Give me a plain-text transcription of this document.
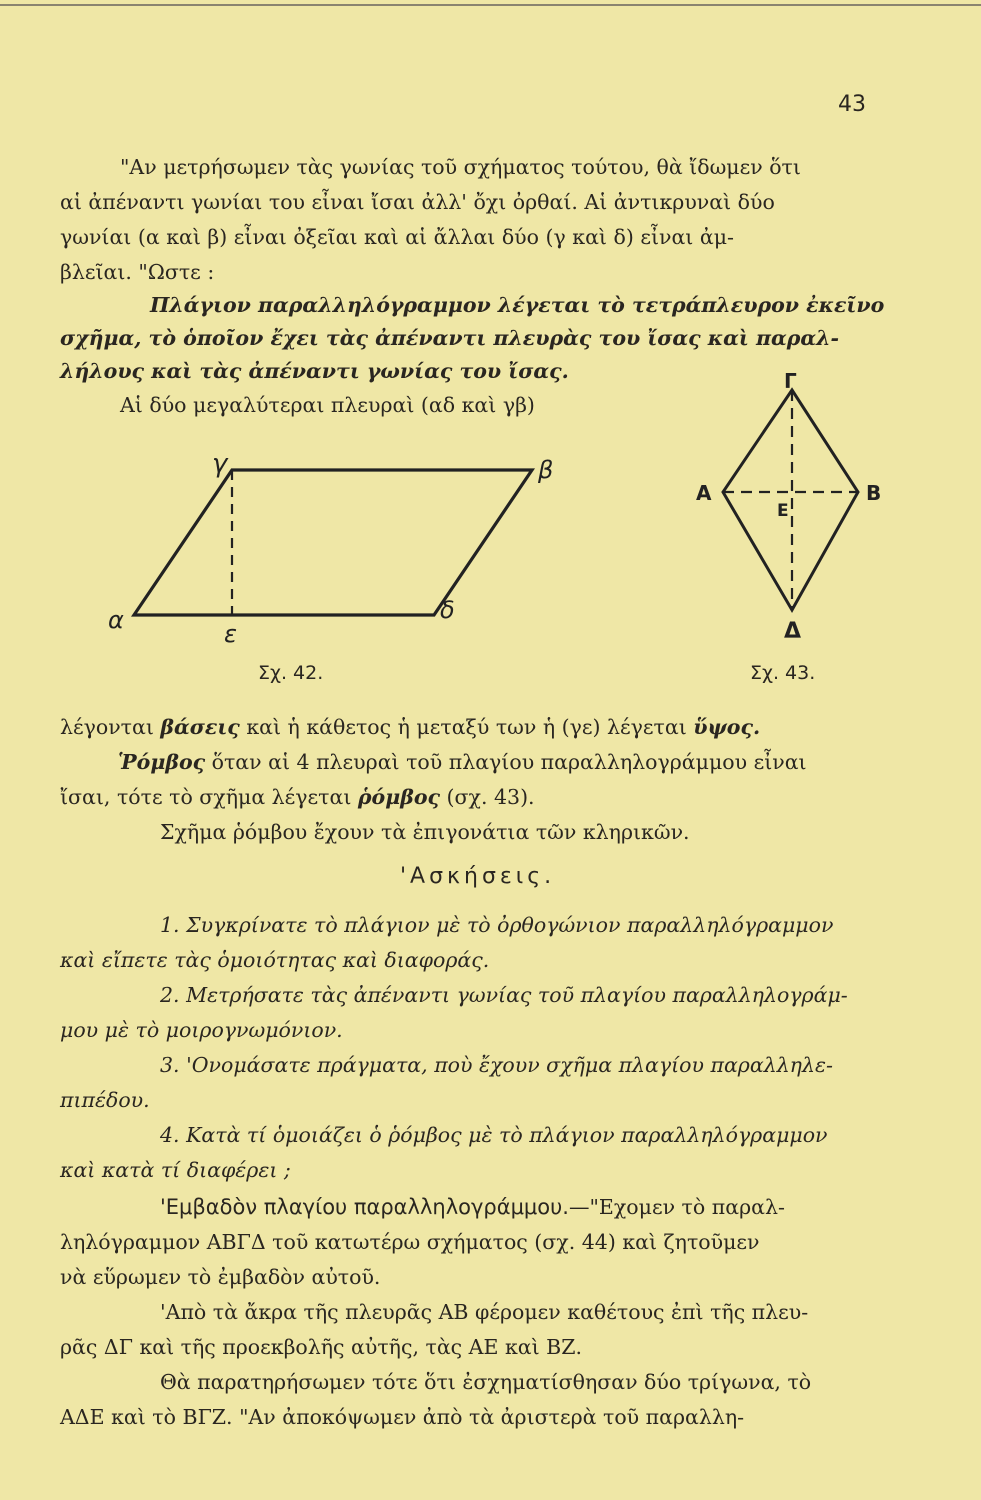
43
"Αν μετρήσωμεν τὰς γωνίας τοῦ σχήματος τούτου, θὰ ἴδωμεν ὅτι
αἱ ἀπέναντι γωνίαι του εἶναι ἴσαι ἀλλ' ὄχι ὀρθαί. Αἱ ἀντικρυναὶ δύο
γωνίαι (α καὶ β) εἶναι ὀξεῖαι καὶ αἱ ἄλλαι δύο (γ καὶ δ) εἶναι ἀμ-
βλεῖαι. "Ωστε :
Πλάγιον παραλληλόγραμμον λέγεται τὸ τετράπλευρον ἐκεῖνο
σχῆμα, τὸ ὁποῖον ἔχει τὰς ἀπέναντι πλευρὰς του ἴσας καὶ παραλ-
λήλους καὶ τὰς ἀπέναντι γωνίας του ἴσας.
Αἱ δύο μεγαλύτεραι πλευραὶ (αδ καὶ γβ)
γ	β
α	ε
δ
Σχ. 42.
Γ
Α	Β
Ε
Δ
Σχ. 43.
λέγονται βάσεις καὶ ἡ κάθετος ἡ μεταξύ των ἡ (γε) λέγεται ὕψος.
Ῥόμβος ὅταν αἱ 4 πλευραὶ τοῦ πλαγίου παραλληλογράμμου εἶναι
ἴσαι, τότε τὸ σχῆμα λέγεται ῥόμβος (σχ. 43).
Σχῆμα ῥόμβου ἔχουν τὰ ἐπιγονάτια τῶν κληρικῶν.
'Ασκήσεις.
1. Συγκρίνατε τὸ πλάγιον μὲ τὸ ὀρθογώνιον παραλληλόγραμμον
καὶ εἴπετε τὰς ὁμοιότητας καὶ διαφοράς.
2. Μετρήσατε τὰς ἀπέναντι γωνίας τοῦ πλαγίου παραλληλογράμ-
μου μὲ τὸ μοιρογνωμόνιον.
3. 'Ονομάσατε πράγματα, ποὺ ἔχουν σχῆμα πλαγίου παραλληλε-
πιπέδου.
4. Κατὰ τί ὁμοιάζει ὁ ῥόμβος μὲ τὸ πλάγιον παραλληλόγραμμον
καὶ κατὰ τί διαφέρει ;
'Εμβαδὸν πλαγίου παραλληλογράμμου.—"Εχομεν τὸ παραλ-
ληλόγραμμον ΑΒΓΔ τοῦ κατωτέρω σχήματος (σχ. 44) καὶ ζητοῦμεν
νὰ εὕρωμεν τὸ ἐμβαδὸν αὐτοῦ.
'Απὸ τὰ ἄκρα τῆς πλευρᾶς ΑΒ φέρομεν καθέτους ἐπὶ τῆς πλευ-
ρᾶς ΔΓ καὶ τῆς προεκβολῆς αὐτῆς, τὰς ΑΕ καὶ ΒΖ.
Θὰ παρατηρήσωμεν τότε ὅτι ἐσχηματίσθησαν δύο τρίγωνα, τὸ
ΑΔΕ καὶ τὸ ΒΓΖ. "Αν ἀποκόψωμεν ἀπὸ τὰ ἀριστερὰ τοῦ παραλλη-
